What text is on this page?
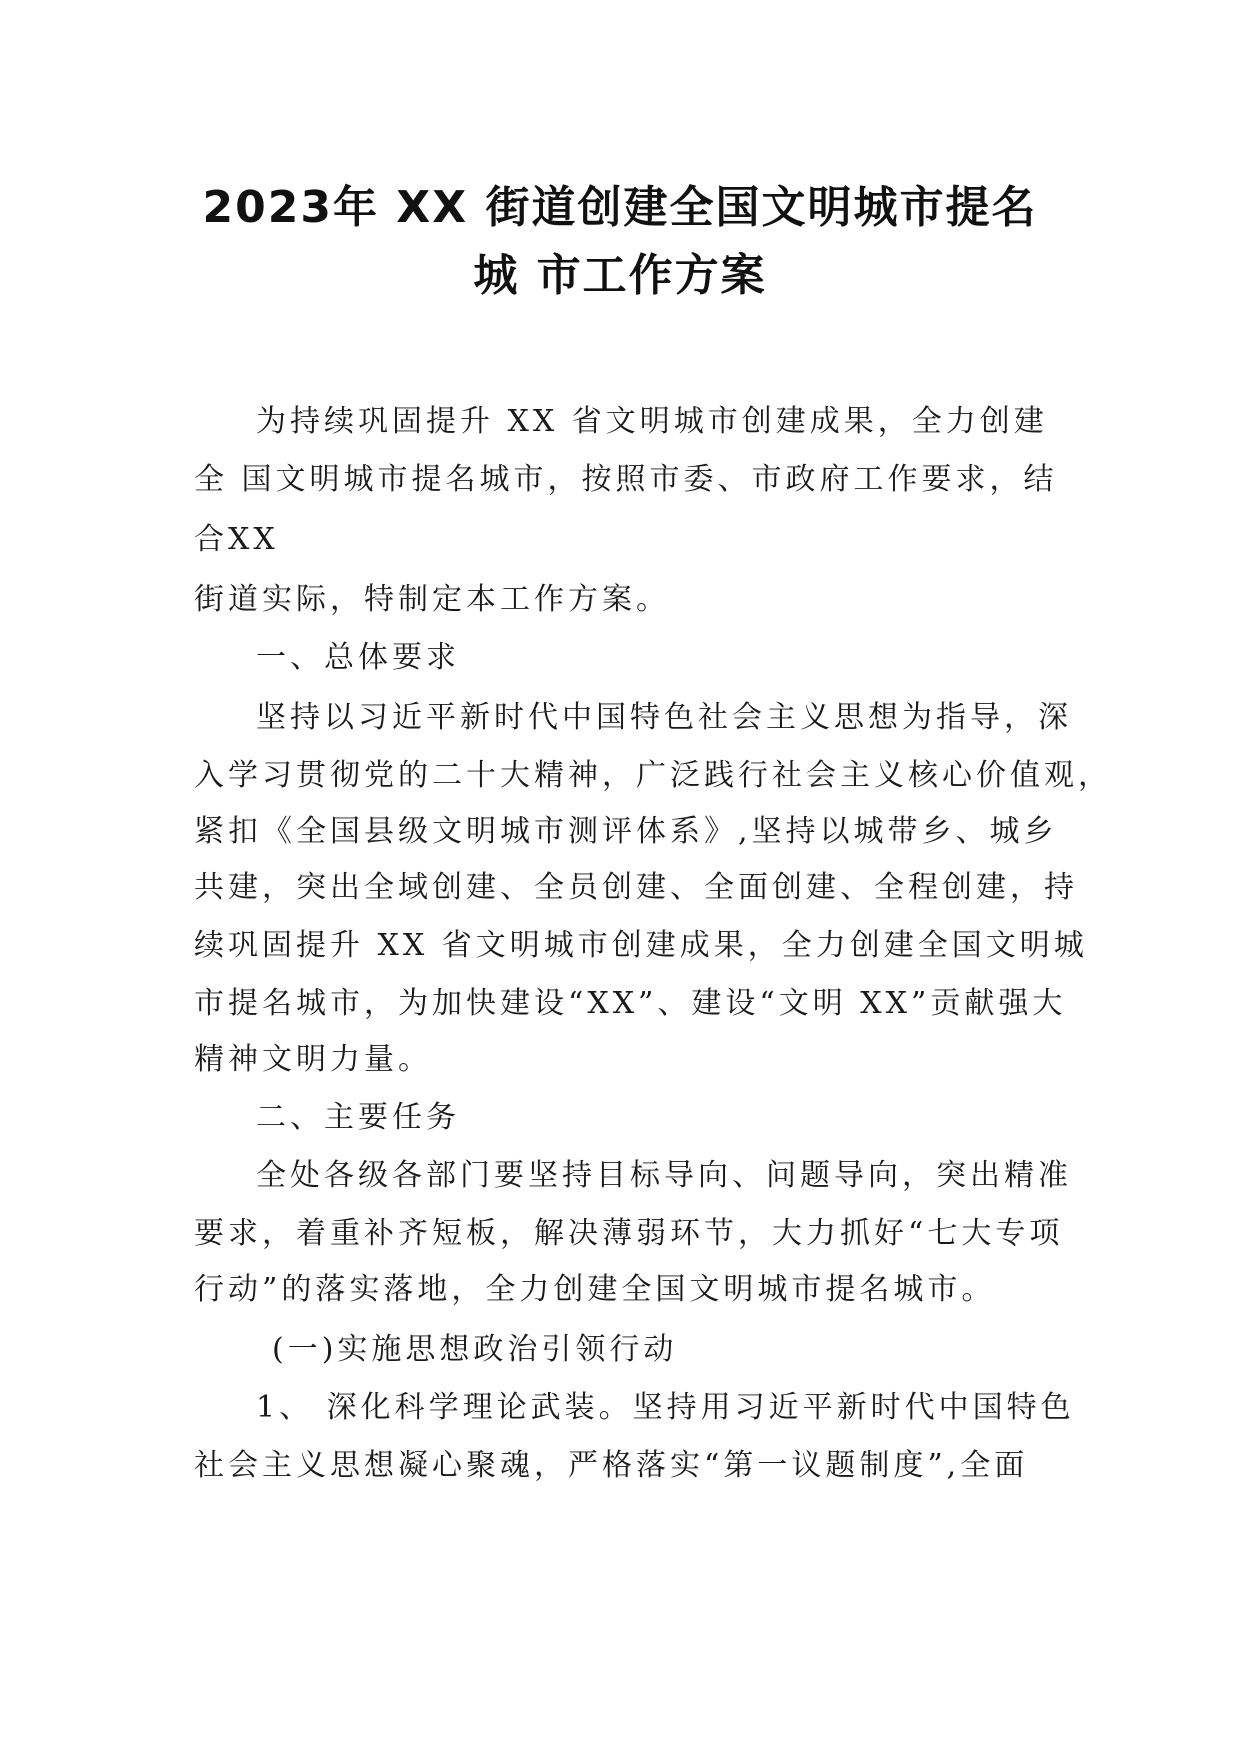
2023年 XX 街道创建全国文明城市提名
城 市工作方案

为持续巩固提升 XX 省文明城市创建成果，全力创建

全 国文明城市提名城市，按照市委、市政府工作要求，结

合XX

街道实际，特制定本工作方案。

一、总体要求

坚持以习近平新时代中国特色社会主义思想为指导，深

入学习贯彻党的二十大精神，广泛践行社会主义核心价值观，

紧扣《全国县级文明城市测评体系》,坚持以城带乡、城乡

共建，突出全域创建、全员创建、全面创建、全程创建，持

续巩固提升 XX 省文明城市创建成果，全力创建全国文明城

市提名城市，为加快建设“XX”、建设“文明 XX”贡献强大

精神文明力量。

二、主要任务

全处各级各部门要坚持目标导向、问题导向，突出精准

要求，着重补齐短板，解决薄弱环节，大力抓好“七大专项

行动”的落实落地，全力创建全国文明城市提名城市。

(一)实施思想政治引领行动

1、 深化科学理论武装。坚持用习近平新时代中国特色

社会主义思想凝心聚魂，严格落实“第一议题制度”,全面
